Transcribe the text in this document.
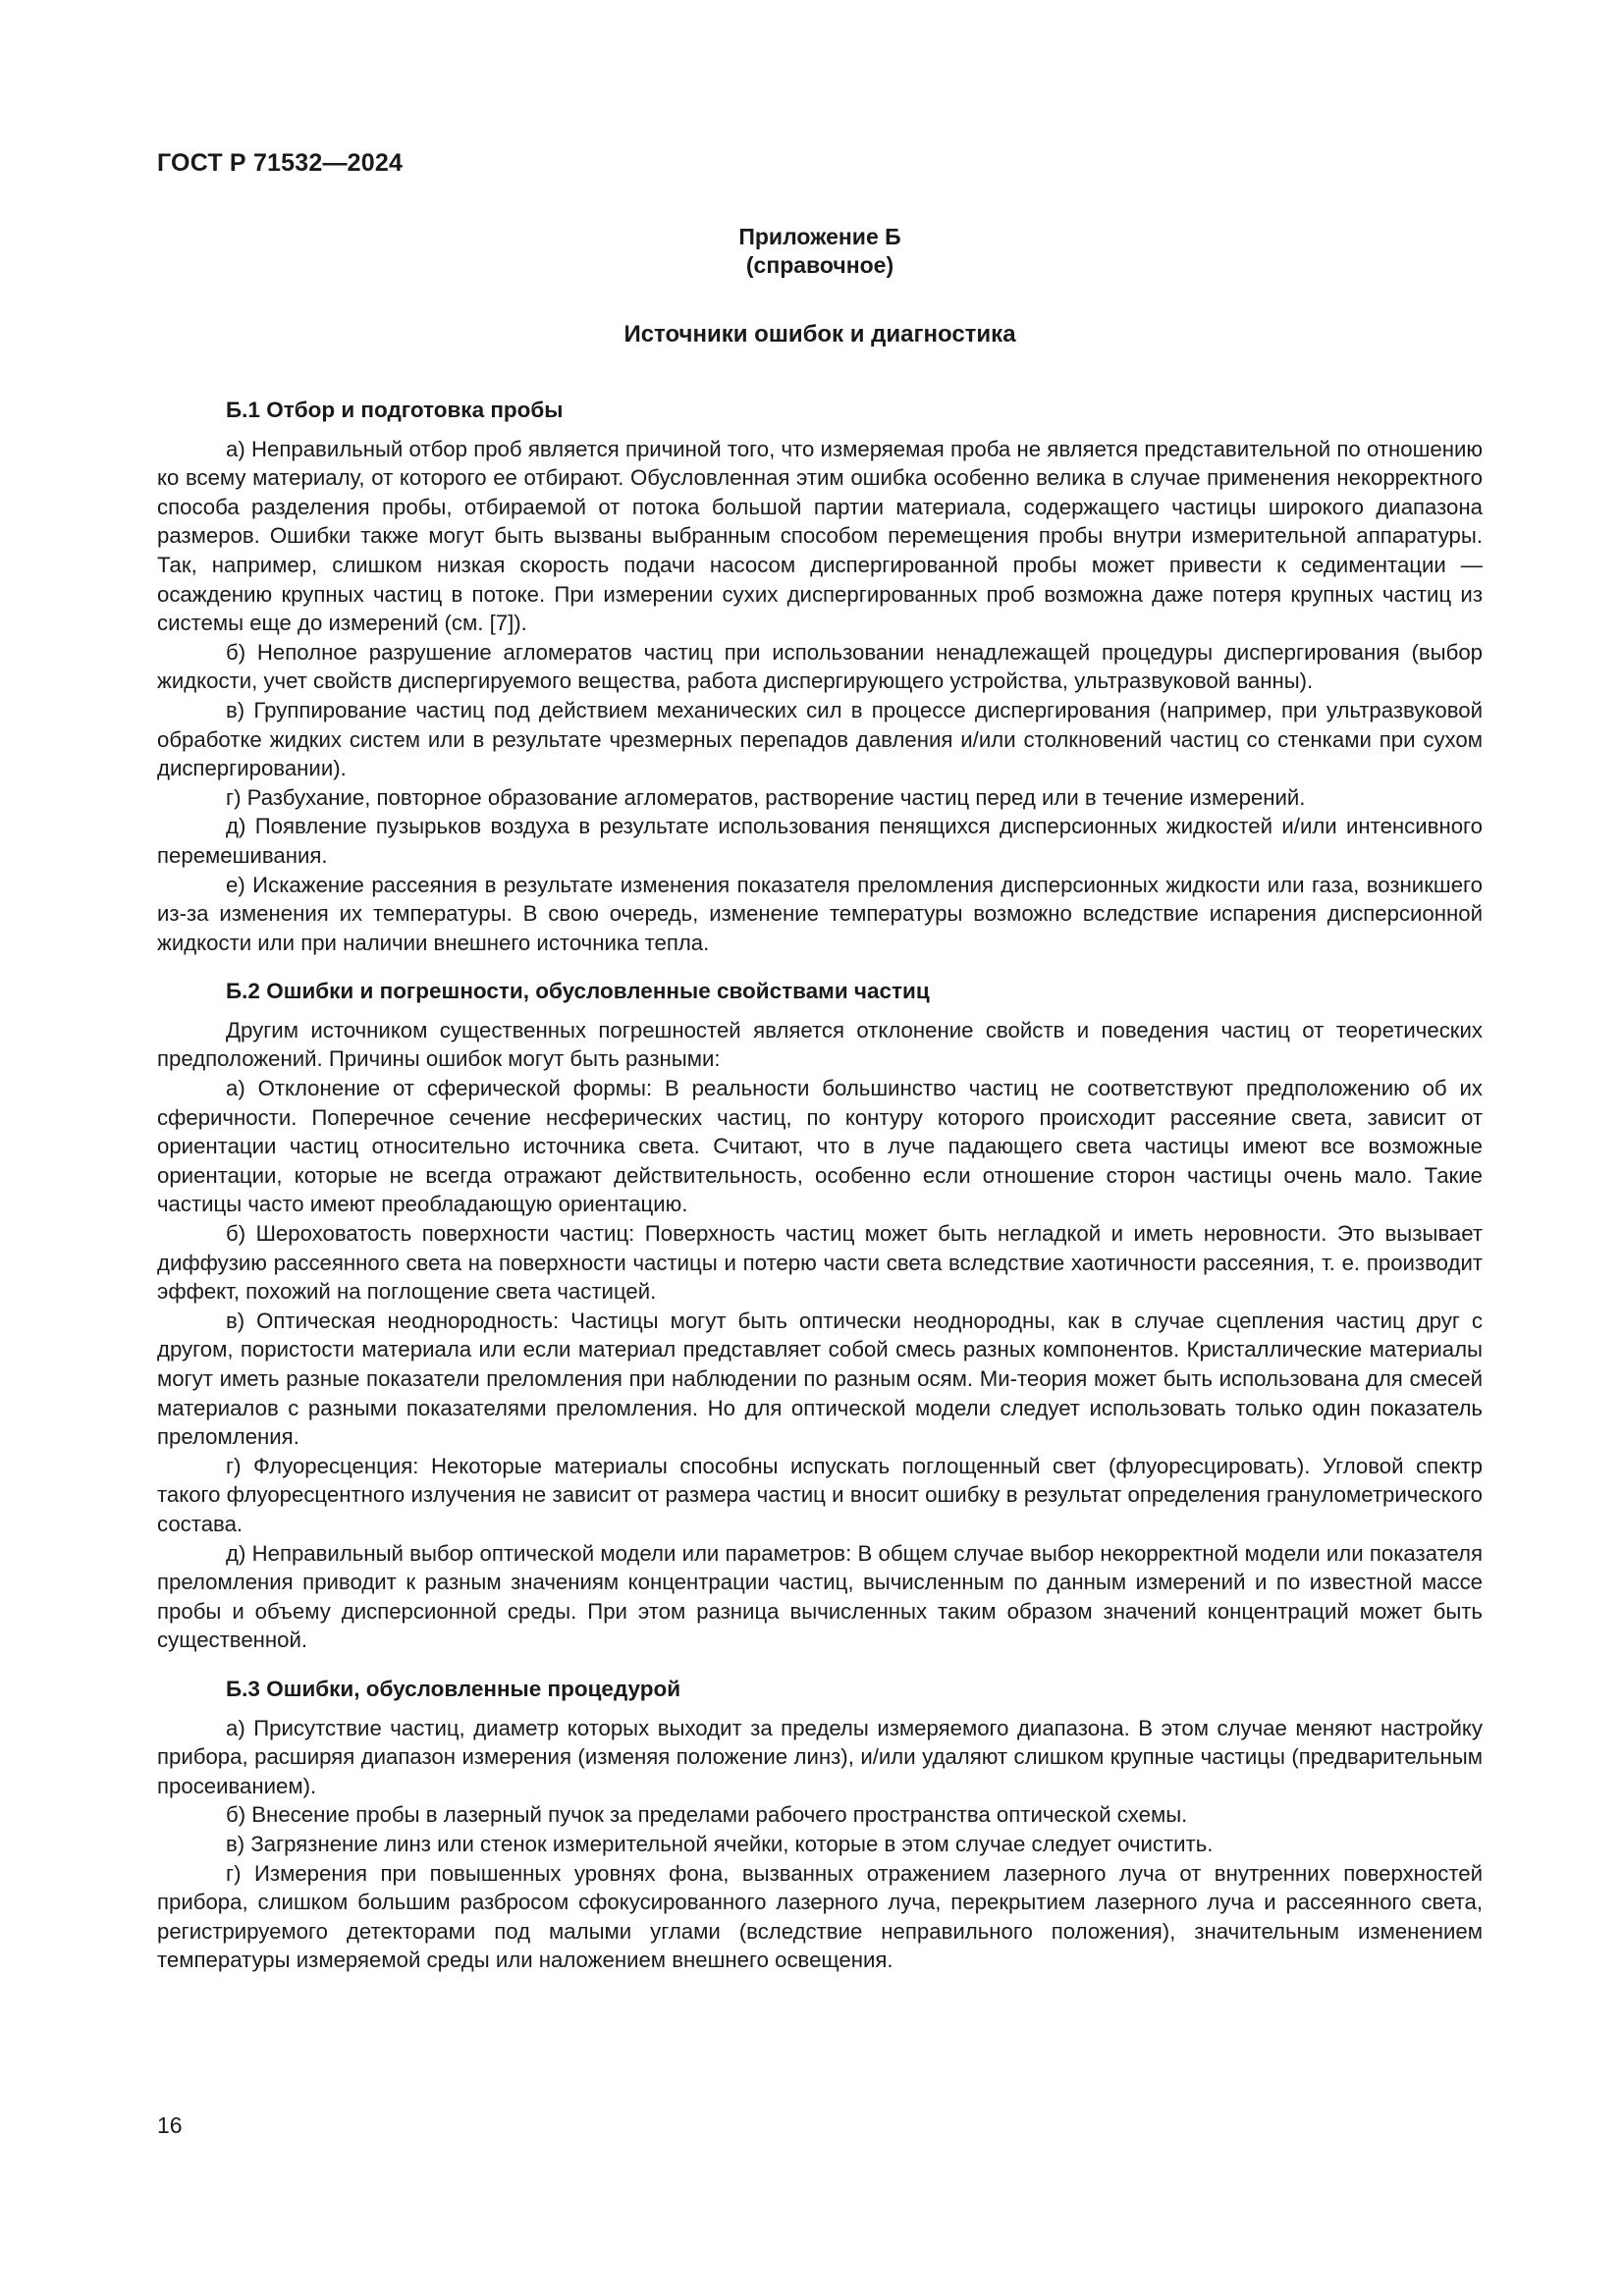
ГОСТ Р 71532—2024
Приложение Б
(справочное)
Источники ошибок и диагностика
Б.1 Отбор и подготовка пробы

а) Неправильный отбор проб является причиной того, что измеряемая проба не является представительной по отношению ко всему материалу, от которого ее отбирают. Обусловленная этим ошибка особенно велика в случае применения некорректного способа разделения пробы, отбираемой от потока большой партии материала, содержащего частицы широкого диапазона размеров. Ошибки также могут быть вызваны выбранным способом перемещения пробы внутри измерительной аппаратуры. Так, например, слишком низкая скорость подачи насосом диспергированной пробы может привести к седиментации — осаждению крупных частиц в потоке. При измерении сухих диспергированных проб возможна даже потеря крупных частиц из системы еще до измерений (см. [7]).

б) Неполное разрушение агломератов частиц при использовании ненадлежащей процедуры диспергирования (выбор жидкости, учет свойств диспергируемого вещества, работа диспергирующего устройства, ультразвуковой ванны).

в) Группирование частиц под действием механических сил в процессе диспергирования (например, при ультразвуковой обработке жидких систем или в результате чрезмерных перепадов давления и/или столкновений частиц со стенками при сухом диспергировании).

г) Разбухание, повторное образование агломератов, растворение частиц перед или в течение измерений.

д) Появление пузырьков воздуха в результате использования пенящихся дисперсионных жидкостей и/или интенсивного перемешивания.

е) Искажение рассеяния в результате изменения показателя преломления дисперсионных жидкости или газа, возникшего из-за изменения их температуры. В свою очередь, изменение температуры возможно вследствие испарения дисперсионной жидкости или при наличии внешнего источника тепла.

Б.2 Ошибки и погрешности, обусловленные свойствами частиц

Другим источником существенных погрешностей является отклонение свойств и поведения частиц от теоретических предположений. Причины ошибок могут быть разными:

а) Отклонение от сферической формы: В реальности большинство частиц не соответствуют предположению об их сферичности. Поперечное сечение несферических частиц, по контуру которого происходит рассеяние света, зависит от ориентации частиц относительно источника света. Считают, что в луче падающего света частицы имеют все возможные ориентации, которые не всегда отражают действительность, особенно если отношение сторон частицы очень мало. Такие частицы часто имеют преобладающую ориентацию.

б) Шероховатость поверхности частиц: Поверхность частиц может быть негладкой и иметь неровности. Это вызывает диффузию рассеянного света на поверхности частицы и потерю части света вследствие хаотичности рассеяния, т. е. производит эффект, похожий на поглощение света частицей.

в) Оптическая неоднородность: Частицы могут быть оптически неоднородны, как в случае сцепления частиц друг с другом, пористости материала или если материал представляет собой смесь разных компонентов. Кристаллические материалы могут иметь разные показатели преломления при наблюдении по разным осям. Ми-теория может быть использована для смесей материалов с разными показателями преломления. Но для оптической модели следует использовать только один показатель преломления.

г) Флуоресценция: Некоторые материалы способны испускать поглощенный свет (флуоресцировать). Угловой спектр такого флуоресцентного излучения не зависит от размера частиц и вносит ошибку в результат определения гранулометрического состава.

д) Неправильный выбор оптической модели или параметров: В общем случае выбор некорректной модели или показателя преломления приводит к разным значениям концентрации частиц, вычисленным по данным измерений и по известной массе пробы и объему дисперсионной среды. При этом разница вычисленных таким образом значений концентраций может быть существенной.

Б.3 Ошибки, обусловленные процедурой

а) Присутствие частиц, диаметр которых выходит за пределы измеряемого диапазона. В этом случае меняют настройку прибора, расширяя диапазон измерения (изменяя положение линз), и/или удаляют слишком крупные частицы (предварительным просеиванием).

б) Внесение пробы в лазерный пучок за пределами рабочего пространства оптической схемы.

в) Загрязнение линз или стенок измерительной ячейки, которые в этом случае следует очистить.

г) Измерения при повышенных уровнях фона, вызванных отражением лазерного луча от внутренних поверхностей прибора, слишком большим разбросом сфокусированного лазерного луча, перекрытием лазерного луча и рассеянного света, регистрируемого детекторами под малыми углами (вследствие неправильного положения), значительным изменением температуры измеряемой среды или наложением внешнего освещения.

16
